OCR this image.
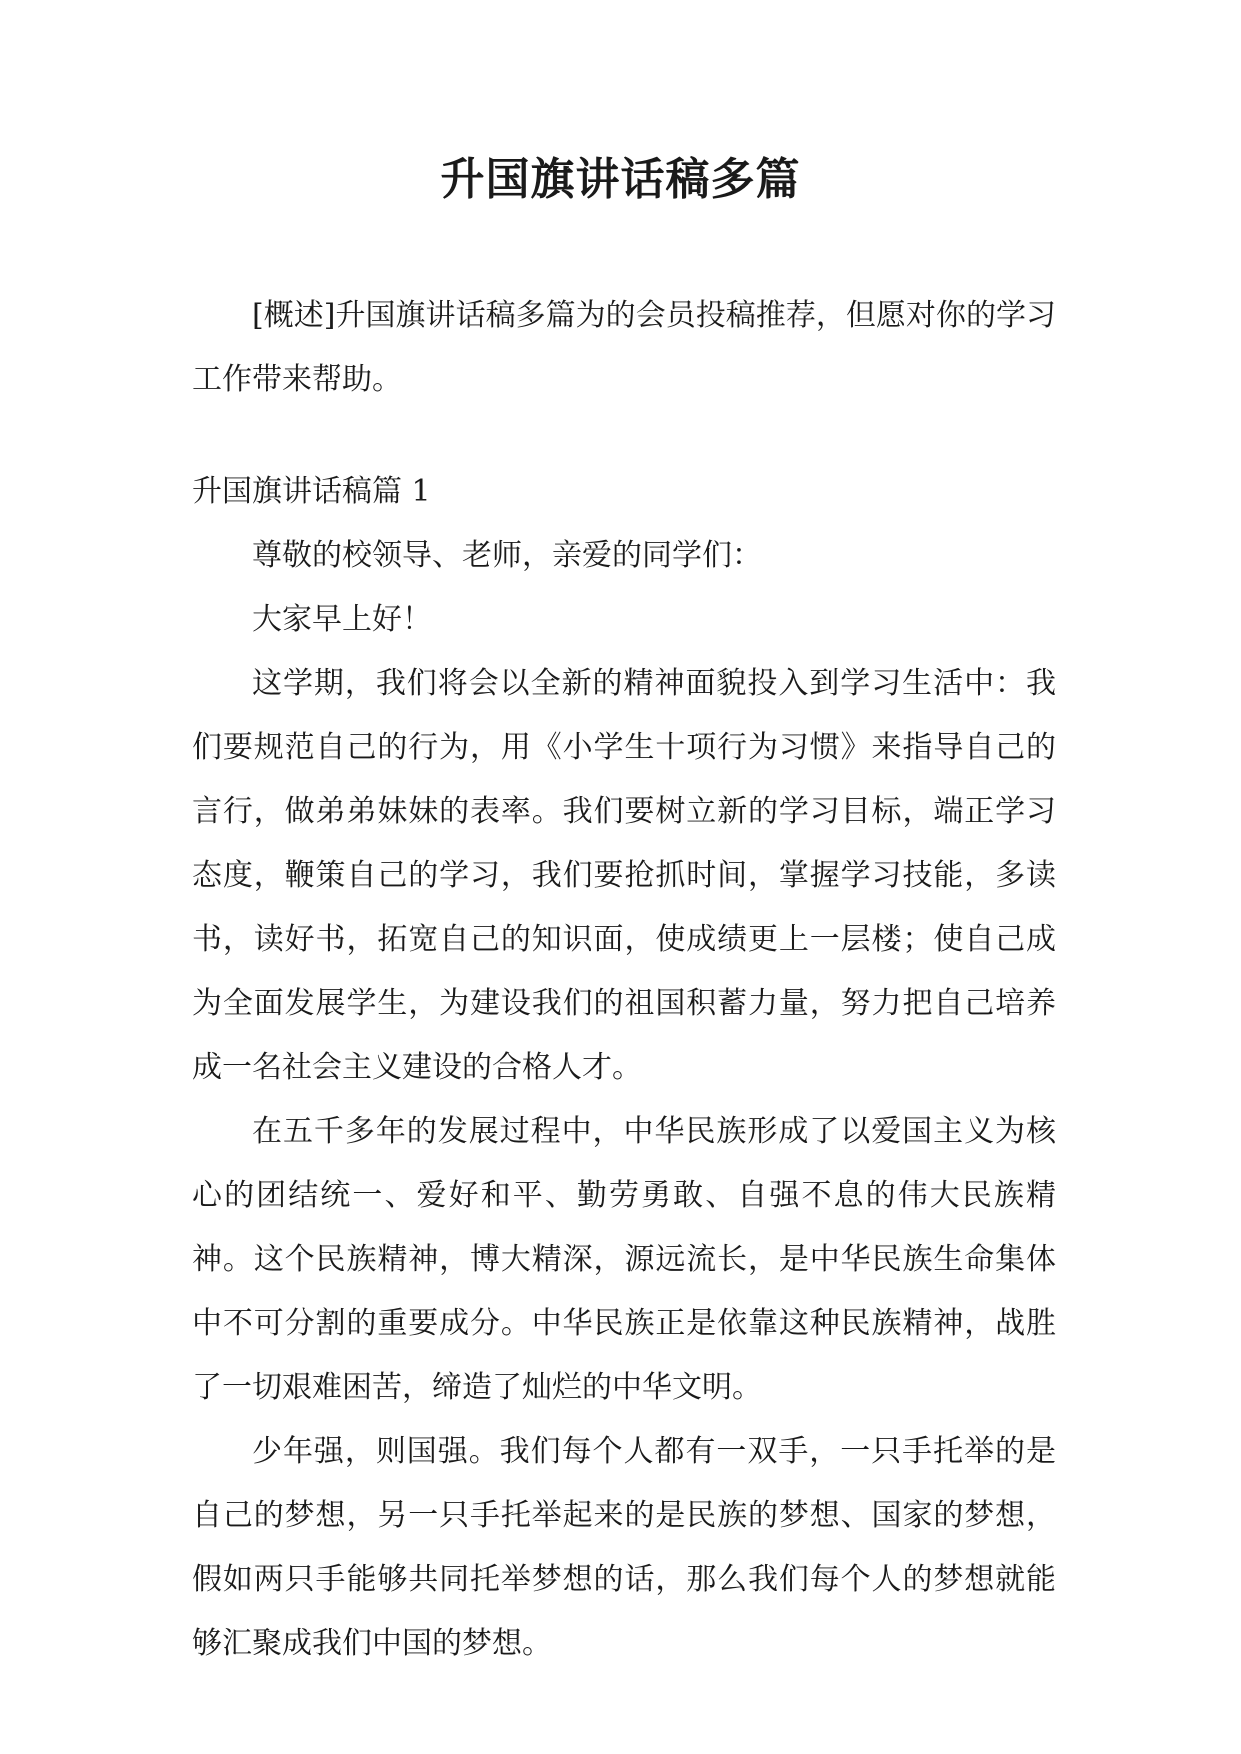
升国旗讲话稿多篇

[概述]升国旗讲话稿多篇为的会员投稿推荐，但愿对你的学习工作带来帮助。

升国旗讲话稿篇 1

尊敬的校领导、老师，亲爱的同学们：

大家早上好！

这学期，我们将会以全新的精神面貌投入到学习生活中：我们要规范自己的行为，用《小学生十项行为习惯》来指导自己的言行，做弟弟妹妹的表率。我们要树立新的学习目标，端正学习态度，鞭策自己的学习，我们要抢抓时间，掌握学习技能，多读书，读好书，拓宽自己的知识面，使成绩更上一层楼；使自己成为全面发展学生，为建设我们的祖国积蓄力量，努力把自己培养成一名社会主义建设的合格人才。

在五千多年的发展过程中，中华民族形成了以爱国主义为核心的团结统一、爱好和平、勤劳勇敢、自强不息的伟大民族精神。这个民族精神，博大精深，源远流长，是中华民族生命集体中不可分割的重要成分。中华民族正是依靠这种民族精神，战胜了一切艰难困苦，缔造了灿烂的中华文明。

少年强，则国强。我们每个人都有一双手，一只手托举的是自己的梦想，另一只手托举起来的是民族的梦想、国家的梦想，假如两只手能够共同托举梦想的话，那么我们每个人的梦想就能够汇聚成我们中国的梦想。
